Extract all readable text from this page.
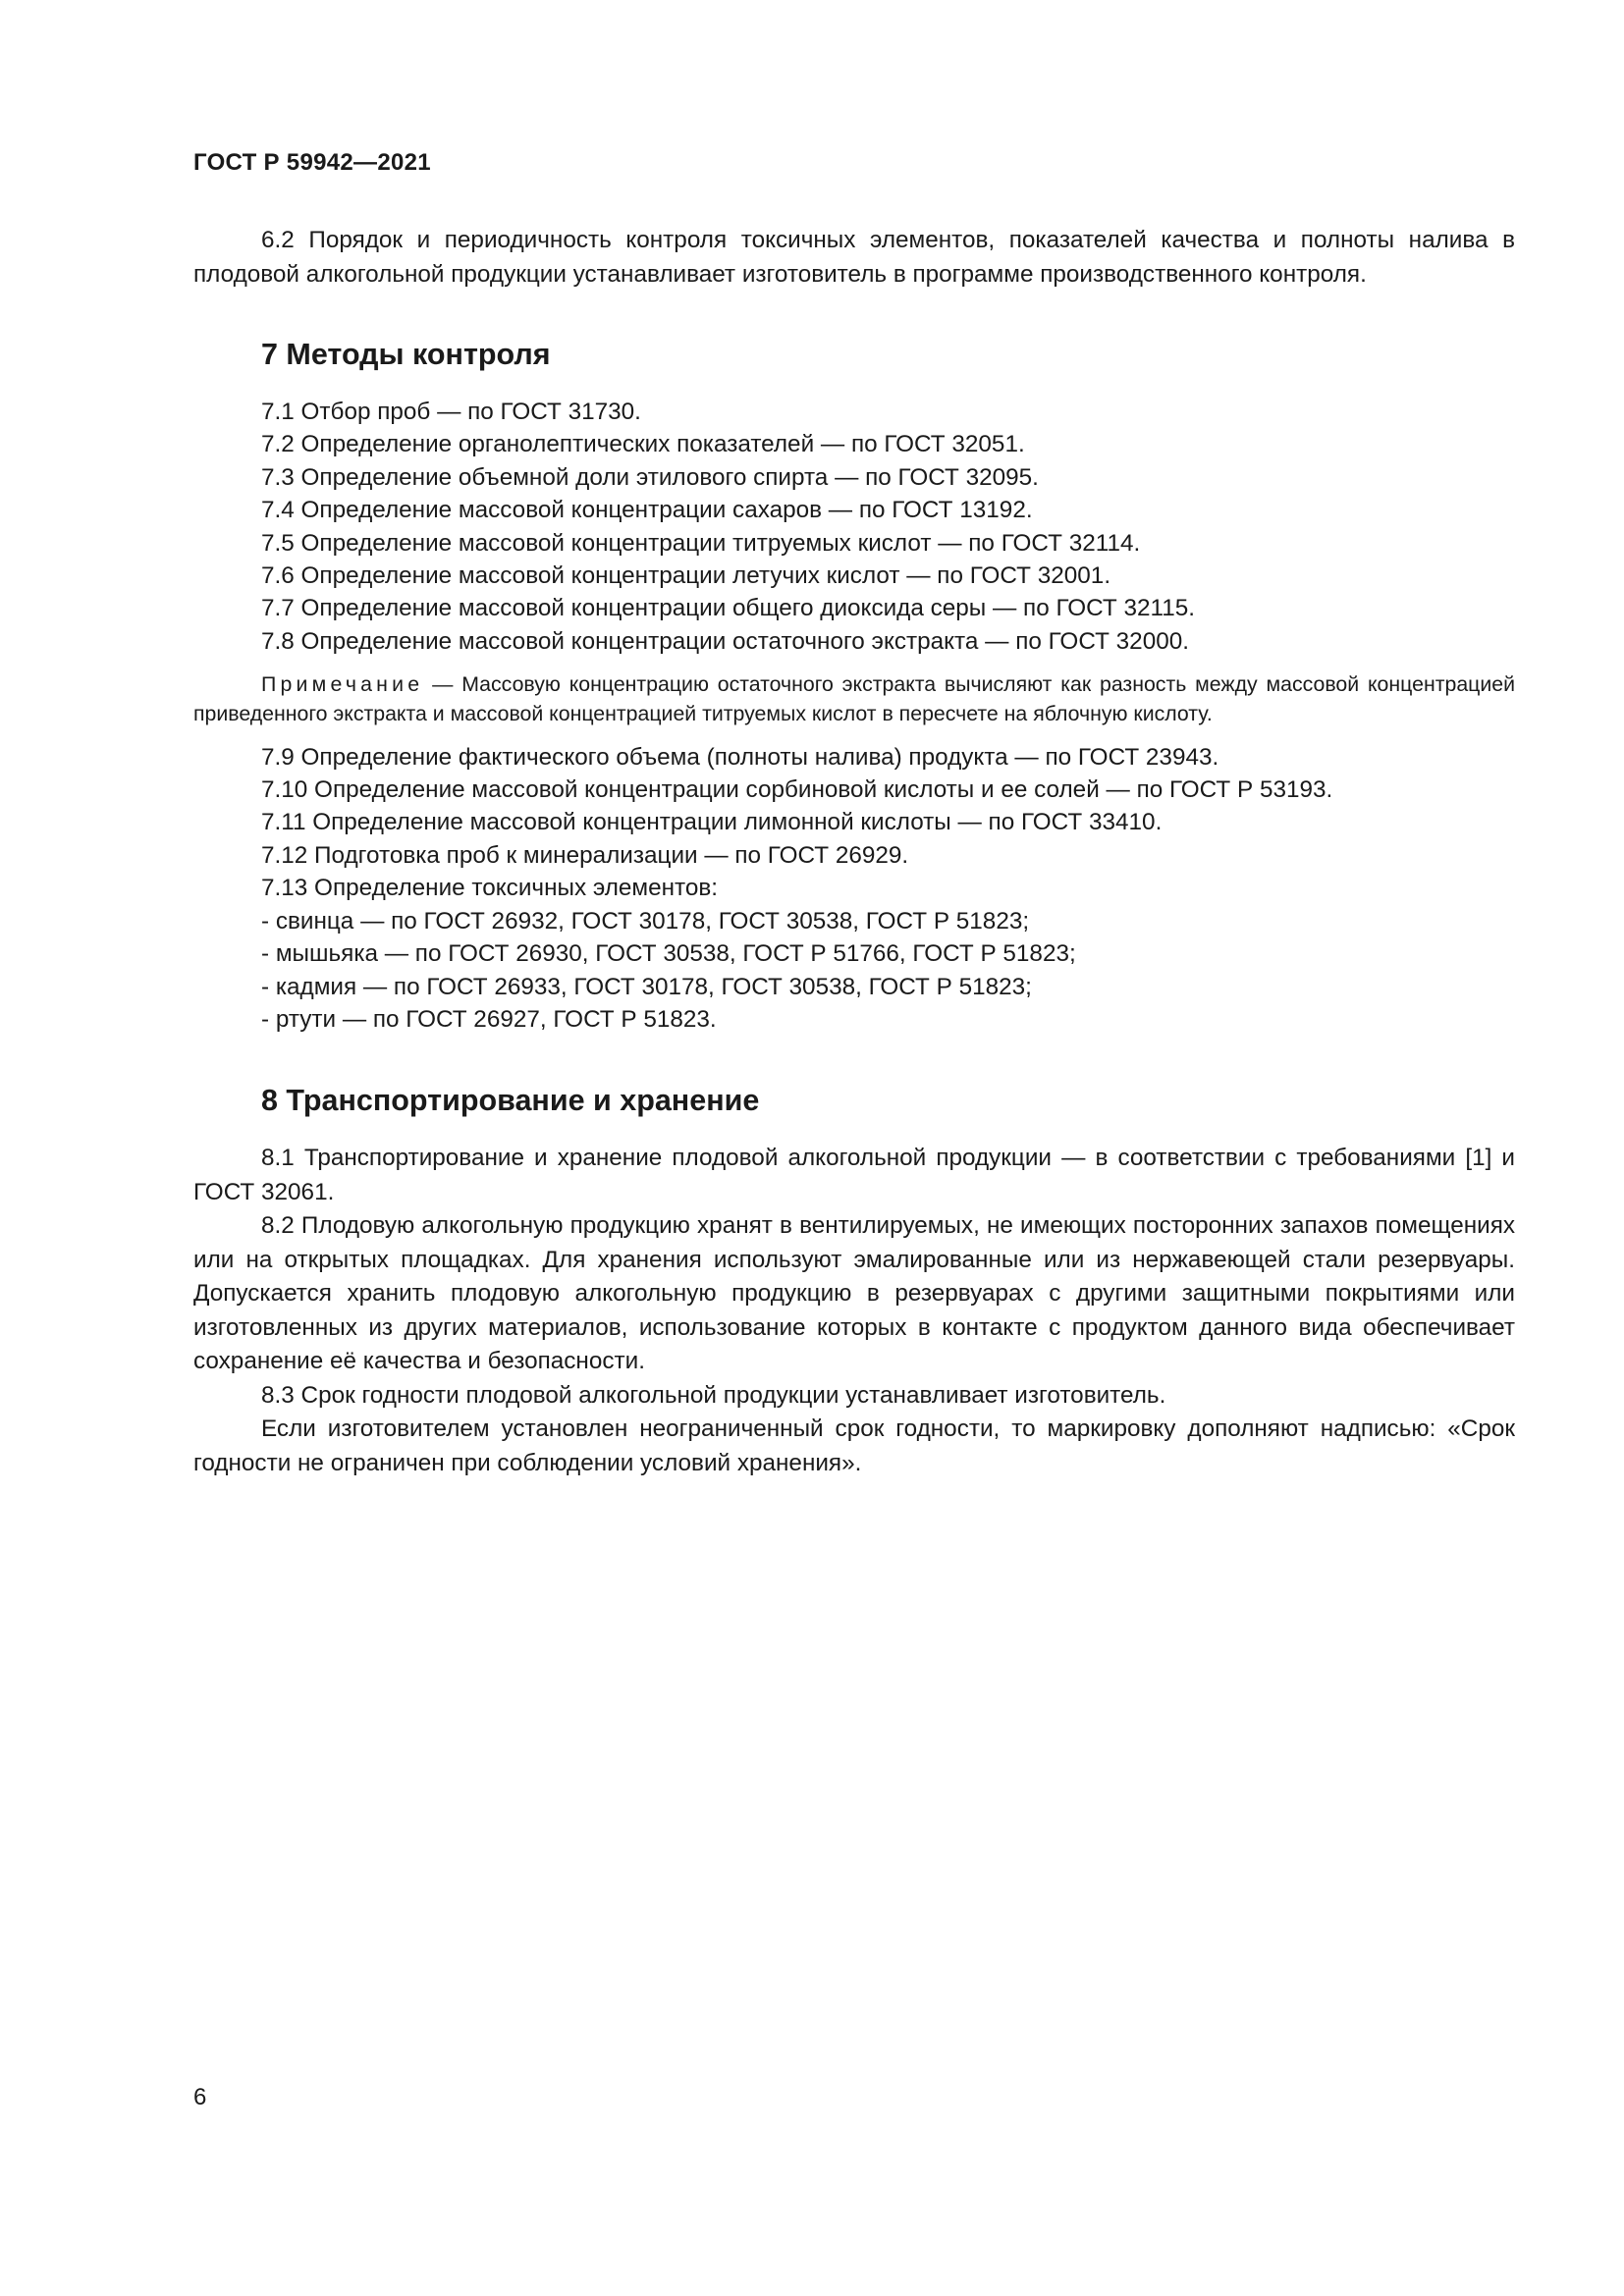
ГОСТ Р 59942—2021

6.2 Порядок и периодичность контроля токсичных элементов, показателей качества и полноты налива в плодовой алкогольной продукции устанавливает изготовитель в программе производственного контроля.

7 Методы контроля
7.1 Отбор проб — по ГОСТ 31730.
7.2 Определение органолептических показателей — по ГОСТ 32051.
7.3 Определение объемной доли этилового спирта — по ГОСТ 32095.
7.4 Определение массовой концентрации сахаров — по ГОСТ 13192.
7.5 Определение массовой концентрации титруемых кислот — по ГОСТ 32114.
7.6 Определение массовой концентрации летучих кислот — по ГОСТ 32001.
7.7 Определение массовой концентрации общего диоксида серы — по ГОСТ 32115.
7.8 Определение массовой концентрации остаточного экстракта — по ГОСТ 32000.

Примечание — Массовую концентрацию остаточного экстракта вычисляют как разность между массовой концентрацией приведенного экстракта и массовой концентрацией титруемых кислот в пересчете на яблочную кислоту.

7.9 Определение фактического объема (полноты налива) продукта — по ГОСТ 23943.
7.10 Определение массовой концентрации сорбиновой кислоты и ее солей — по ГОСТ Р 53193.
7.11 Определение массовой концентрации лимонной кислоты — по ГОСТ 33410.
7.12 Подготовка проб к минерализации — по ГОСТ 26929.
7.13 Определение токсичных элементов:
- свинца — по ГОСТ 26932, ГОСТ 30178, ГОСТ 30538, ГОСТ Р 51823;
- мышьяка — по ГОСТ 26930, ГОСТ 30538, ГОСТ Р 51766, ГОСТ Р 51823;
- кадмия — по ГОСТ 26933, ГОСТ 30178, ГОСТ 30538, ГОСТ Р 51823;
- ртути — по ГОСТ 26927, ГОСТ Р 51823.
8 Транспортирование и хранение

8.1 Транспортирование и хранение плодовой алкогольной продукции — в соответствии с требованиями [1] и ГОСТ 32061.

8.2 Плодовую алкогольную продукцию хранят в вентилируемых, не имеющих посторонних запахов помещениях или на открытых площадках. Для хранения используют эмалированные или из нержавеющей стали резервуары. Допускается хранить плодовую алкогольную продукцию в резервуарах с другими защитными покрытиями или изготовленных из других материалов, использование которых в контакте с продуктом данного вида обеспечивает сохранение её качества и безопасности.

8.3 Срок годности плодовой алкогольной продукции устанавливает изготовитель.

Если изготовителем установлен неограниченный срок годности, то маркировку дополняют надписью: «Срок годности не ограничен при соблюдении условий хранения».

6
